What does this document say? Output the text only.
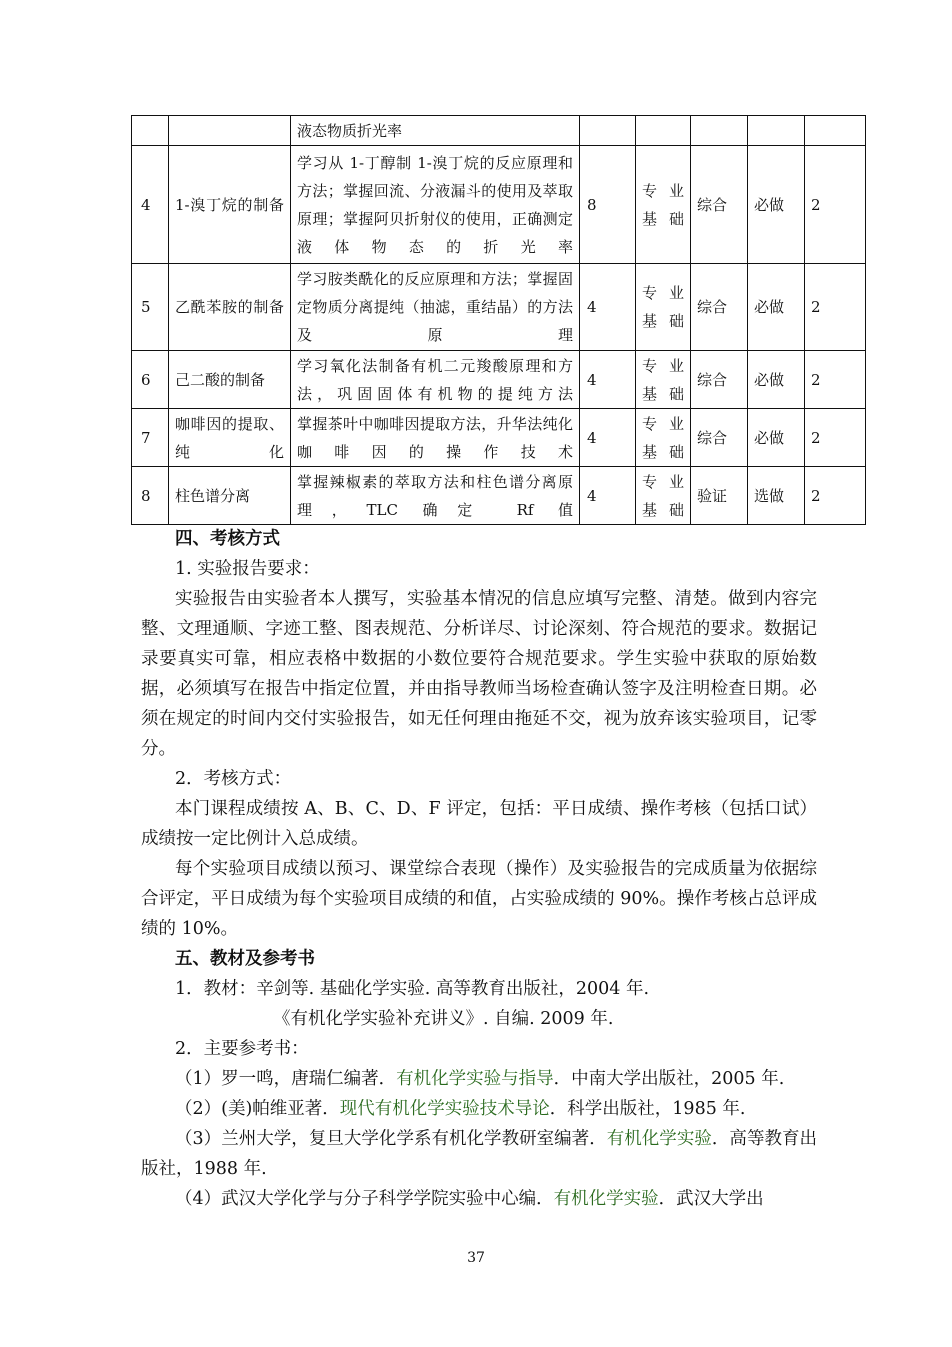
		液态物质折光率					
4	1-溴丁烷的制备	学习从 1-丁醇制 1-溴丁烷的反应原理和方法；掌握回流、分液漏斗的使用及萃取原理；掌握阿贝折射仪的使用，正确测定液体物态的折光率	8	专业基础	综合	必做	2
5	乙酰苯胺的制备	学习胺类酰化的反应原理和方法；掌握固定物质分离提纯（抽滤，重结晶）的方法及原理	4	专业基础	综合	必做	2
6	己二酸的制备	学习氧化法制备有机二元羧酸原理和方法，巩固固体有机物的提纯方法	4	专业基础	综合	必做	2
7	咖啡因的提取、纯化	掌握茶叶中咖啡因提取方法，升华法纯化咖啡因的操作技术	4	专业基础	综合	必做	2
8	柱色谱分离	掌握辣椒素的萃取方法和柱色谱分离原理，TLC 确定 Rf 值	4	专业基础	验证	选做	2

四、考核方式

1. 实验报告要求：

实验报告由实验者本人撰写，实验基本情况的信息应填写完整、清楚。做到内容完整、文理通顺、字迹工整、图表规范、分析详尽、讨论深刻、符合规范的要求。数据记录要真实可靠，相应表格中数据的小数位要符合规范要求。学生实验中获取的原始数据，必须填写在报告中指定位置，并由指导教师当场检查确认签字及注明检查日期。必须在规定的时间内交付实验报告，如无任何理由拖延不交，视为放弃该实验项目，记零分。

2．考核方式：

本门课程成绩按 A、B、C、D、F 评定，包括：平日成绩、操作考核（包括口试）成绩按一定比例计入总成绩。

每个实验项目成绩以预习、课堂综合表现（操作）及实验报告的完成质量为依据综合评定，平日成绩为每个实验项目成绩的和值，占实验成绩的 90%。操作考核占总评成绩的 10%。

五、教材及参考书

1．教材：辛剑等. 基础化学实验. 高等教育出版社，2004 年.

《有机化学实验补充讲义》. 自编. 2009 年.

2．主要参考书：

（1）罗一鸣，唐瑞仁编著．有机化学实验与指导．中南大学出版社，2005 年.

（2）(美)帕维亚著．现代有机化学实验技术导论．科学出版社，1985 年.

（3）兰州大学，复旦大学化学系有机化学教研室编著．有机化学实验．高等教育出版社，1988 年.

（4）武汉大学化学与分子科学学院实验中心编．有机化学实验．武汉大学出

37
